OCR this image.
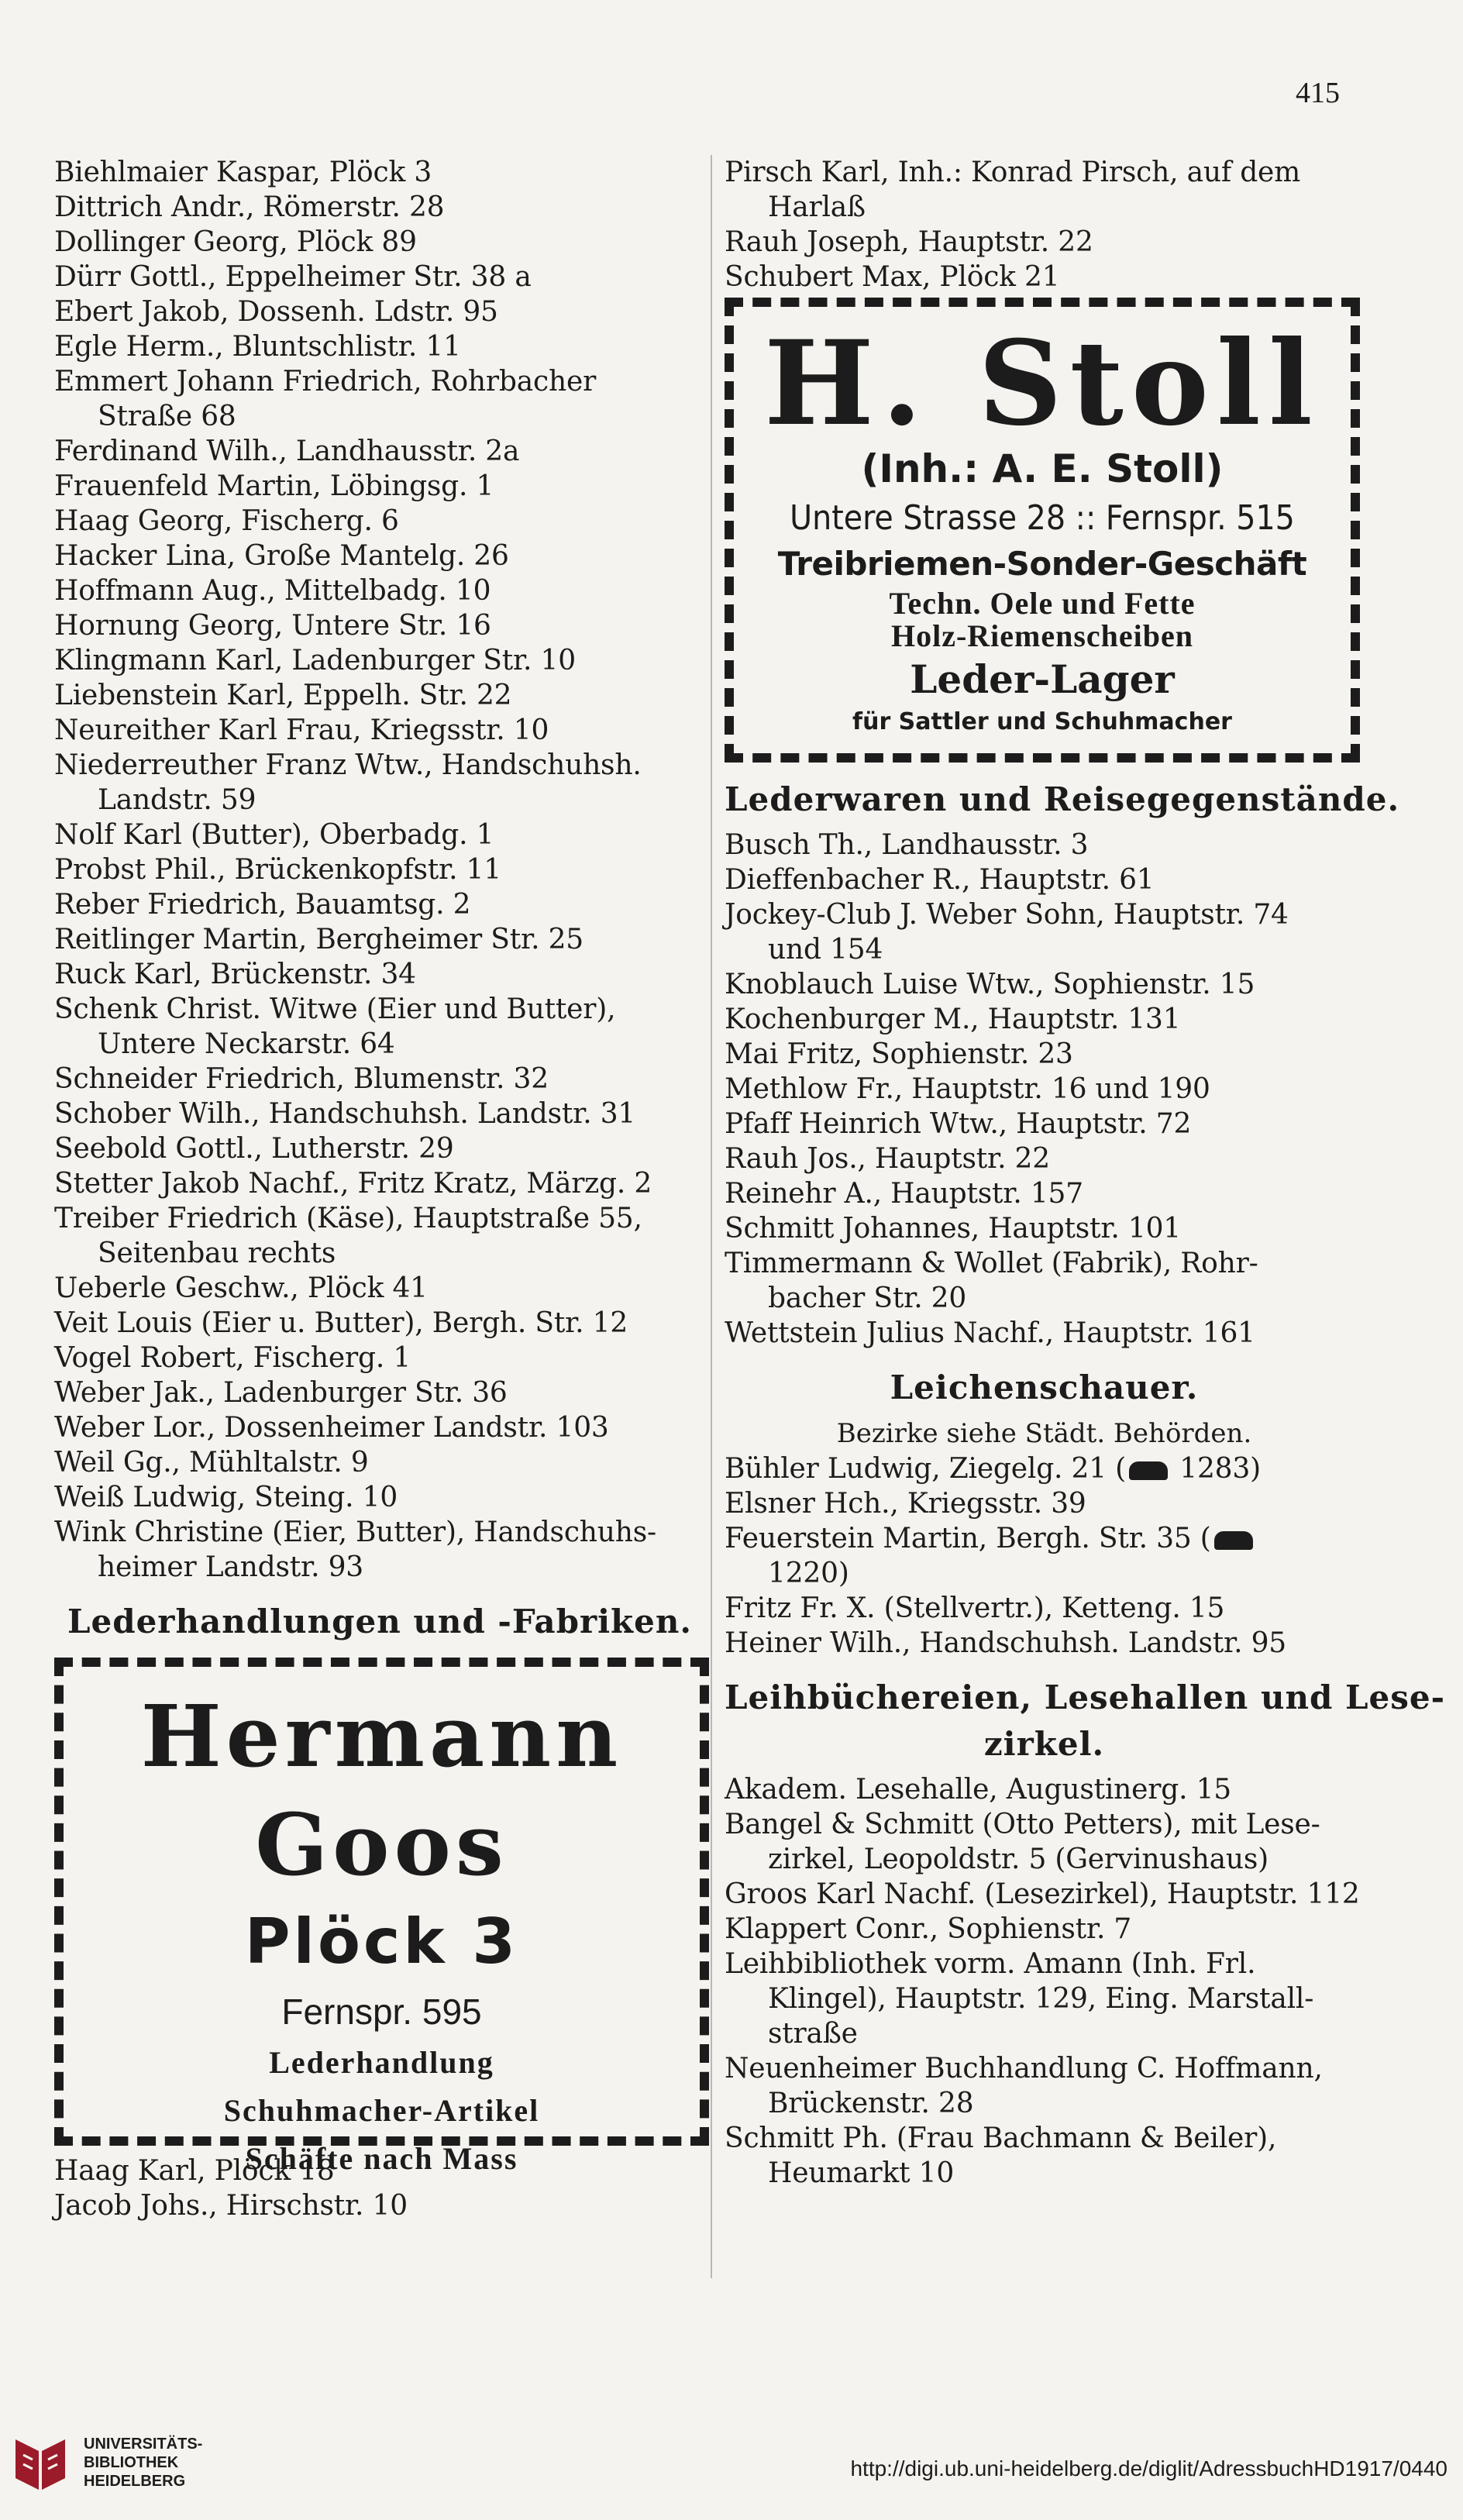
415
Biehlmaier Kaspar, Plöck 3
Dittrich Andr., Römerstr. 28
Dollinger Georg, Plöck 89
Dürr Gottl., Eppelheimer Str. 38 a
Ebert Jakob, Dossenh. Ldstr. 95
Egle Herm., Bluntschlistr. 11
Emmert Johann Friedrich, Rohrbacher
Straße 68
Ferdinand Wilh., Landhausstr. 2a
Frauenfeld Martin, Löbingsg. 1
Haag Georg, Fischerg. 6
Hacker Lina, Große Mantelg. 26
Hoffmann Aug., Mittelbadg. 10
Hornung Georg, Untere Str. 16
Klingmann Karl, Ladenburger Str. 10
Liebenstein Karl, Eppelh. Str. 22
Neureither Karl Frau, Kriegsstr. 10
Niederreuther Franz Wtw., Handschuhsh.
Landstr. 59
Nolf Karl (Butter), Oberbadg. 1
Probst Phil., Brückenkopfstr. 11
Reber Friedrich, Bauamtsg. 2
Reitlinger Martin, Bergheimer Str. 25
Ruck Karl, Brückenstr. 34
Schenk Christ. Witwe (Eier und Butter),
Untere Neckarstr. 64
Schneider Friedrich, Blumenstr. 32
Schober Wilh., Handschuhsh. Landstr. 31
Seebold Gottl., Lutherstr. 29
Stetter Jakob Nachf., Fritz Kratz, Märzg. 2
Treiber Friedrich (Käse), Hauptstraße 55,
Seitenbau rechts
Ueberle Geschw., Plöck 41
Veit Louis (Eier u. Butter), Bergh. Str. 12
Vogel Robert, Fischerg. 1
Weber Jak., Ladenburger Str. 36
Weber Lor., Dossenheimer Landstr. 103
Weil Gg., Mühltalstr. 9
Weiß Ludwig, Steing. 10
Wink Christine (Eier, Butter), Handschuhs-
heimer Landstr. 93
Lederhandlungen und -Fabriken.
Hermann Goos
Plöck 3
Fernspr. 595
Lederhandlung
Schuhmacher-Artikel
Schäfte nach Mass
Haag Karl, Plöck 18
Jacob Johs., Hirschstr. 10
Pirsch Karl, Inh.: Konrad Pirsch, auf dem
Harlaß
Rauh Joseph, Hauptstr. 22
Schubert Max, Plöck 21
H. Stoll
(Inh.: A. E. Stoll)
Untere Strasse 28 :: Fernspr. 515
Treibriemen-Sonder-Geschäft
Techn. Oele und Fette
Holz-Riemenscheiben
Leder-Lager
für Sattler und Schuhmacher
Lederwaren und Reisegegenstände.
Busch Th., Landhausstr. 3
Dieffenbacher R., Hauptstr. 61
Jockey-Club J. Weber Sohn, Hauptstr. 74
und 154
Knoblauch Luise Wtw., Sophienstr. 15
Kochenburger M., Hauptstr. 131
Mai Fritz, Sophienstr. 23
Methlow Fr., Hauptstr. 16 und 190
Pfaff Heinrich Wtw., Hauptstr. 72
Rauh Jos., Hauptstr. 22
Reinehr A., Hauptstr. 157
Schmitt Johannes, Hauptstr. 101
Timmermann & Wollet (Fabrik), Rohr-
bacher Str. 20
Wettstein Julius Nachf., Hauptstr. 161
Leichenschauer.
Bezirke siehe Städt. Behörden.
Bühler Ludwig, Ziegelg. 21 ( 1283)
Elsner Hch., Kriegsstr. 39
Feuerstein Martin, Bergh. Str. 35 (
1220)
Fritz Fr. X. (Stellvertr.), Ketteng. 15
Heiner Wilh., Handschuhsh. Landstr. 95
Leihbüchereien, Lesehallen und Lese-
zirkel.
Akadem. Lesehalle, Augustinerg. 15
Bangel & Schmitt (Otto Petters), mit Lese-
zirkel, Leopoldstr. 5 (Gervinushaus)
Groos Karl Nachf. (Lesezirkel), Hauptstr. 112
Klappert Conr., Sophienstr. 7
Leihbibliothek vorm. Amann (Inh. Frl.
Klingel), Hauptstr. 129, Eing. Marstall-
straße
Neuenheimer Buchhandlung C. Hoffmann,
Brückenstr. 28
Schmitt Ph. (Frau Bachmann & Beiler),
Heumarkt 10
UNIVERSITÄTS-
BIBLIOTHEK
HEIDELBERG
http://digi.ub.uni-heidelberg.de/diglit/AdressbuchHD1917/0440
